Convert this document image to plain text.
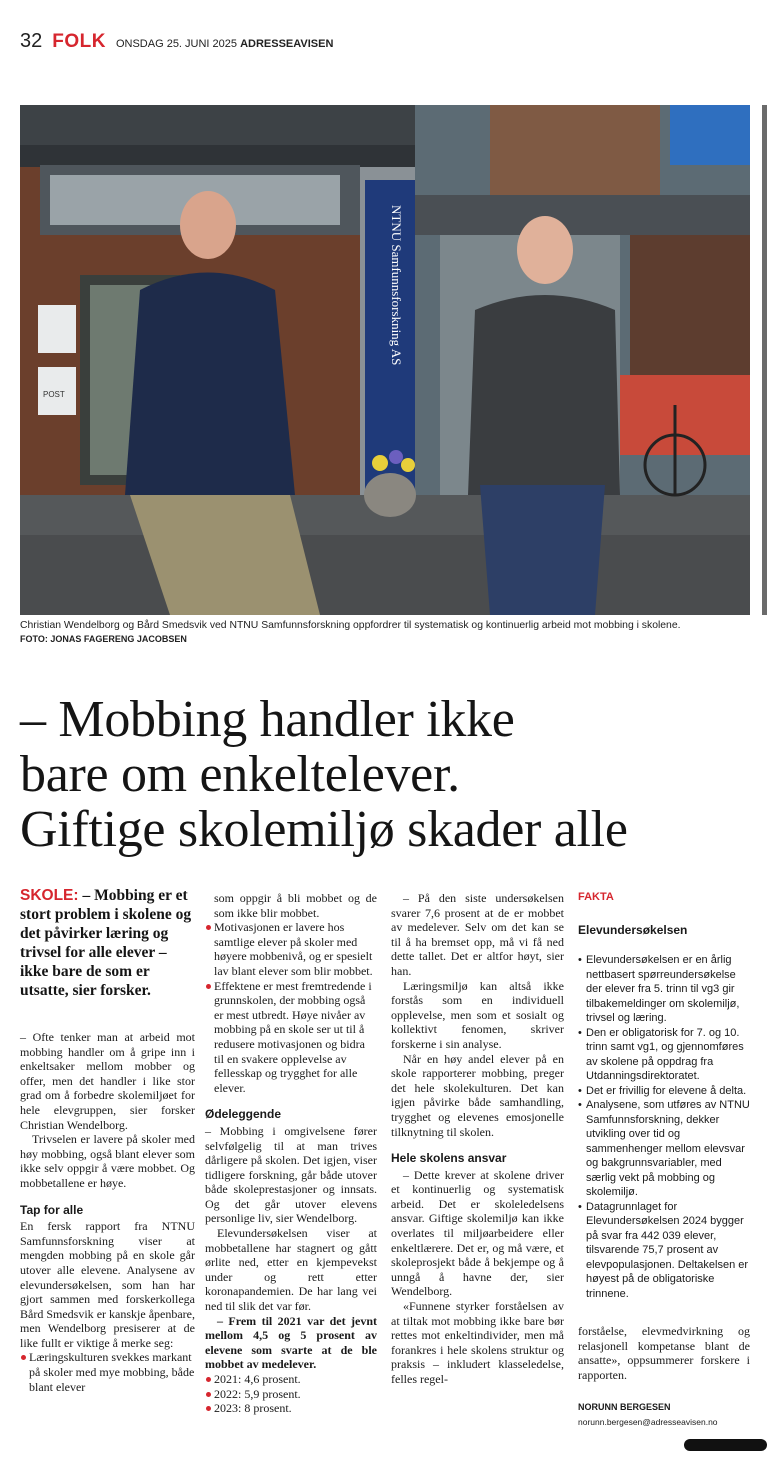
32 FOLK ONSDAG 25. JUNI 2025 ADRESSEAVISEN
POST
NTNU Samfunnsforskning AS
Christian Wendelborg og Bård Smedsvik ved NTNU Samfunnsforskning oppfordrer til systematisk og kontinuerlig arbeid mot mobbing i skolene.
FOTO: JONAS FAGERENG JACOBSEN
– Mobbing handler ikke
bare om enkeltelever.
Giftige skolemiljø skader alle
SKOLE: – Mobbing er et stort problem i skolene og det påvirker læring og trivsel for alle elever – ikke bare de som er utsatte, sier forsker.

– Ofte tenker man at arbeid mot mobbing handler om å gripe inn i enkeltsaker mellom mobber og offer, men det handler i like stor grad om å forbedre skolemiljøet for hele elevgruppen, sier forsker Christian Wendelborg.

Trivselen er lavere på skoler med høy mobbing, også blant elever som ikke selv oppgir å være mobbet. Og mobbetallene er høye.

Tap for alle

En fersk rapport fra NTNU Samfunnsforskning viser at mengden mobbing på en skole går utover alle elevene. Analysene av elevundersøkelsen, som han har gjort sammen med forskerkollega Bård Smedsvik er kanskje åpenbare, men Wendelborg presiserer at de like fullt er viktige å merke seg:

Læringskulturen svekkes markant på skoler med mye mobbing, både blant elever

som oppgir å bli mobbet og de som ikke blir mobbet.

Motivasjonen er lavere hos samtlige elever på skoler med høyere mobbenivå, og er spesielt lav blant elever som blir mobbet.
Effektene er mest fremtredende i grunnskolen, der mobbing også er mest utbredt. Høye nivåer av mobbing på en skole ser ut til å redusere motivasjonen og bidra til en svakere opplevelse av fellesskap og trygghet for alle elever.
Ødeleggende

– Mobbing i omgivelsene fører selvfølgelig til at man trives dårligere på skolen. Det igjen, viser tidligere forskning, går både utover både skoleprestasjoner og innsats. Og det går utover elevens personlige liv, sier Wendelborg.

Elevundersøkelsen viser at mobbetallene har stagnert og gått ørlite ned, etter en kjempevekst under og rett etter koronapandemien. De har lang vei ned til slik det var før.

– Frem til 2021 var det jevnt mellom 4,5 og 5 prosent av elevene som svarte at de ble mobbet av medelever.

2021: 4,6 prosent.
2022: 5,9 prosent.
2023: 8 prosent.

– På den siste undersøkelsen svarer 7,6 prosent at de er mobbet av medelever. Selv om det kan se til å ha bremset opp, må vi få ned dette tallet. Det er altfor høyt, sier han.

Læringsmiljø kan altså ikke forstås som en individuell opplevelse, men som et sosialt og kollektivt fenomen, skriver forskerne i sin analyse.

Når en høy andel elever på en skole rapporterer mobbing, preger det hele skolekulturen. Det kan igjen påvirke både samhandling, trygghet og elevenes emosjonelle tilknytning til skolen.

Hele skolens ansvar

– Dette krever at skolene driver et kontinuerlig og systematisk arbeid. Det er skoleledelsens ansvar. Giftige skolemiljø kan ikke overlates til miljøarbeidere eller enkeltlærere. Det er, og må være, et skoleprosjekt både å bekjempe og å unngå å havne der, sier Wendelborg.

«Funnene styrker forståelsen av at tiltak mot mobbing ikke bare bør rettes mot enkeltindivider, men må forankres i hele skolens struktur og praksis – inkludert klasseledelse, felles regel-

FAKTA
Elevundersøkelsen
• Elevundersøkelsen er en årlig nettbasert spørreundersøkelse der elever fra 5. trinn til vg3 gir tilbakemeldinger om skolemiljø, trivsel og læring.
• Den er obligatorisk for 7. og 10. trinn samt vg1, og gjennomføres av skolene på oppdrag fra Utdanningsdirektoratet.
• Det er frivillig for elevene å delta.
• Analysene, som utføres av NTNU Samfunnsforskning, dekker utvikling over tid og sammenhenger mellom elevsvar og bakgrunnsvariabler, med særlig vekt på mobbing og skolemiljø.
• Datagrunnlaget for Elevundersøkelsen 2024 bygger på svar fra 442 039 elever, tilsvarende 75,7 prosent av elevpopulasjonen. Deltakelsen er høyest på de obligatoriske trinnene.

forståelse, elevmedvirkning og relasjonell kompetanse blant de ansatte», oppsummerer forskere i rapporten.

NORUNN BERGESEN
norunn.bergesen@adresseavisen.no
